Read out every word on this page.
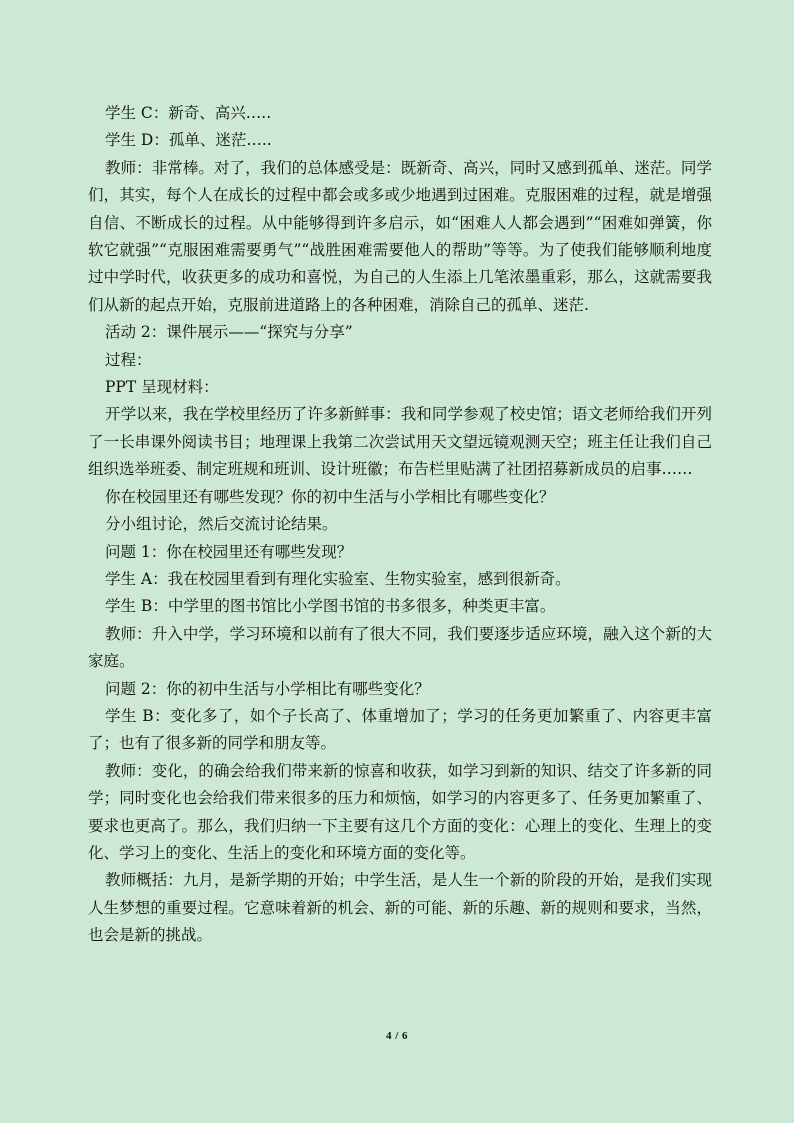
学生 C：新奇、高兴…..

学生 D：孤单、迷茫…..

教师：非常棒。对了，我们的总体感受是：既新奇、高兴，同时又感到孤单、迷茫。同学们，其实，每个人在成长的过程中都会或多或少地遇到过困难。克服困难的过程，就是增强自信、不断成长的过程。从中能够得到许多启示，如“困难人人都会遇到”“困难如弹簧，你软它就强”“克服困难需要勇气”“战胜困难需要他人的帮助”等等。为了使我们能够顺利地度过中学时代，收获更多的成功和喜悦，为自己的人生添上几笔浓墨重彩，那么，这就需要我们从新的起点开始，克服前进道路上的各种困难，消除自己的孤单、迷茫.

活动 2：课件展示——“探究与分享”

过程：

PPT 呈现材料：

开学以来，我在学校里经历了许多新鲜事：我和同学参观了校史馆；语文老师给我们开列了一长串课外阅读书目；地理课上我第二次尝试用天文望远镜观测天空；班主任让我们自己组织选举班委、制定班规和班训、设计班徽；布告栏里贴满了社团招募新成员的启事……

你在校园里还有哪些发现？你的初中生活与小学相比有哪些变化？

分小组讨论，然后交流讨论结果。

问题 1：你在校园里还有哪些发现？

学生 A：我在校园里看到有理化实验室、生物实验室，感到很新奇。

学生 B：中学里的图书馆比小学图书馆的书多很多，种类更丰富。

教师：升入中学，学习环境和以前有了很大不同，我们要逐步适应环境，融入这个新的大家庭。

问题 2：你的初中生活与小学相比有哪些变化？

学生 B：变化多了，如个子长高了、体重增加了；学习的任务更加繁重了、内容更丰富了；也有了很多新的同学和朋友等。

教师：变化，的确会给我们带来新的惊喜和收获，如学习到新的知识、结交了许多新的同学；同时变化也会给我们带来很多的压力和烦恼，如学习的内容更多了、任务更加繁重了、要求也更高了。那么，我们归纳一下主要有这几个方面的变化：心理上的变化、生理上的变化、学习上的变化、生活上的变化和环境方面的变化等。

教师概括：九月，是新学期的开始；中学生活，是人生一个新的阶段的开始，是我们实现人生梦想的重要过程。它意味着新的机会、新的可能、新的乐趣、新的规则和要求，当然，也会是新的挑战。

4 / 6
